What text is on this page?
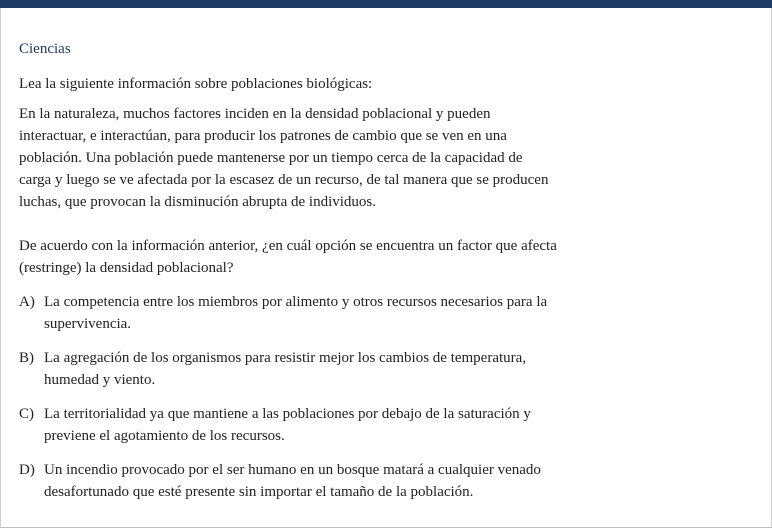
Ciencias

Lea la siguiente información sobre poblaciones biológicas:

En la naturaleza, muchos factores inciden en la densidad poblacional y pueden interactuar, e interactúan, para producir los patrones de cambio que se ven en una población. Una población puede mantenerse por un tiempo cerca de la capacidad de carga y luego se ve afectada por la escasez de un recurso, de tal manera que se producen luchas, que provocan la disminución abrupta de individuos.

De acuerdo con la información anterior, ¿en cuál opción se encuentra un factor que afecta (restringe) la densidad poblacional?

A) La competencia entre los miembros por alimento y otros recursos necesarios para la supervivencia.
B) La agregación de los organismos para resistir mejor los cambios de temperatura, humedad y viento.
C) La territorialidad ya que mantiene a las poblaciones por debajo de la saturación y previene el agotamiento de los recursos.
D) Un incendio provocado por el ser humano en un bosque matará a cualquier venado desafortunado que esté presente sin importar el tamaño de la población.
